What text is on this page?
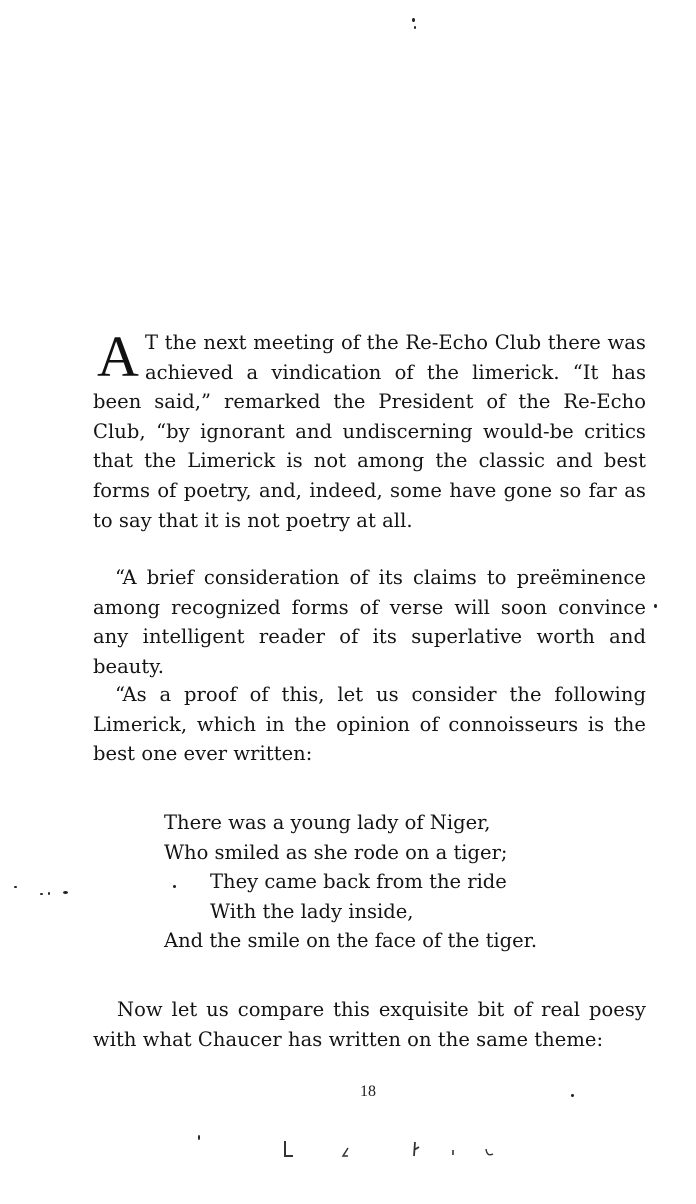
A T the next meeting of the Re-Echo Club there was achieved a vindication of the limerick. “It has been said,” remarked the President of the Re-Echo Club, “by ignorant and undiscerning would-be critics that the Limerick is not among the classic and best forms of poetry, and, indeed, some have gone so far as to say that it is not poetry at all.

“A brief consideration of its claims to preëminence among recognized forms of verse will soon convince any intelligent reader of its superlative worth and beauty.

“As a proof of this, let us consider the following Limerick, which in the opinion of connoisseurs is the best one ever written:

There was a young lady of Niger,
Who smiled as she rode on a tiger;
They came back from the ride
With the lady inside,
And the smile on the face of the tiger.

Now let us compare this exquisite bit of real poesy with what Chaucer has written on the same theme:

18
